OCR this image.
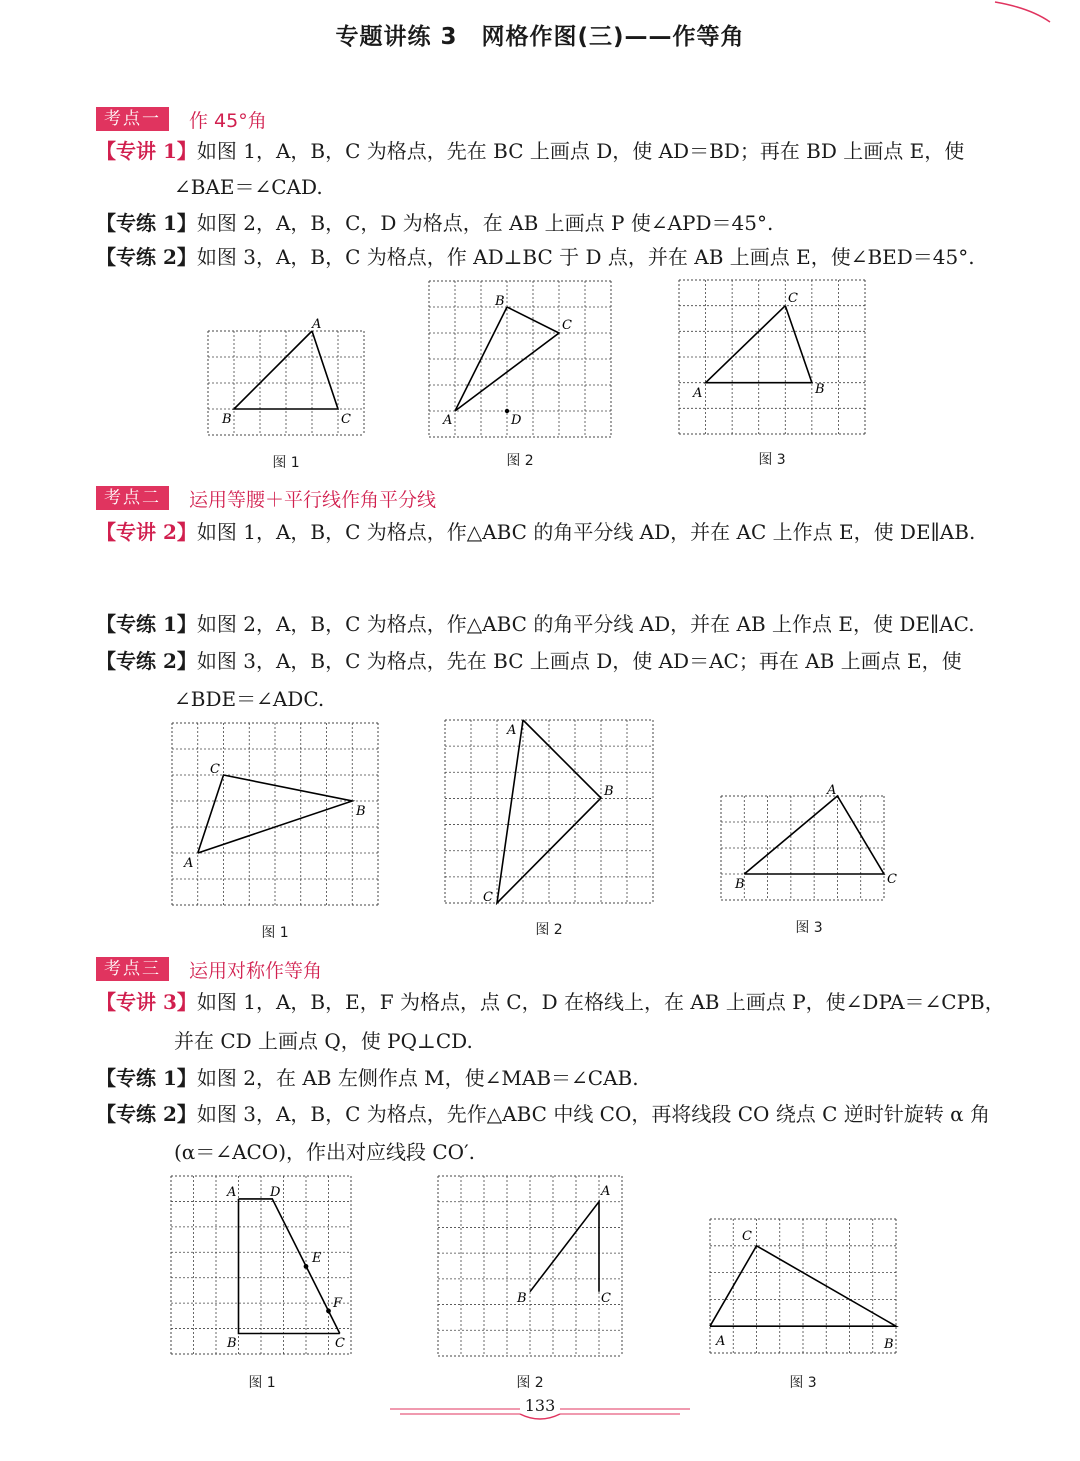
专题讲练 3　网格作图(三)——作等角
考点一	作 45°角
【专讲 1】如图 1，A，B，C 为格点，先在 BC 上画点 D，使 AD＝BD；再在 BD 上画点 E，使
∠BAE＝∠CAD.
【专练 1】如图 2，A，B，C，D 为格点，在 AB 上画点 P 使∠APD＝45°.
【专练 2】如图 3，A，B，C 为格点，作 AD⊥BC 于 D 点，并在 AB 上画点 E，使∠BED＝45°.
A
B	C
图 1
B
C
A	D
图 2
C
A	B
图 3
考点二	运用等腰＋平行线作角平分线
【专讲 2】如图 1，A，B，C 为格点，作△ABC 的角平分线 AD，并在 AC 上作点 E，使 DE∥AB.
【专练 1】如图 2，A，B，C 为格点，作△ABC 的角平分线 AD，并在 AB 上作点 E，使 DE∥AC.
【专练 2】如图 3，A，B，C 为格点，先在 BC 上画点 D，使 AD＝AC；再在 AB 上画点 E，使
∠BDE＝∠ADC.
C
B
A
图 1
A
B
C
图 2
A
B	C
图 3
考点三	运用对称作等角
【专讲 3】如图 1，A，B，E，F 为格点，点 C，D 在格线上，在 AB 上画点 P，使∠DPA＝∠CPB，
并在 CD 上画点 Q，使 PQ⊥CD.
【专练 1】如图 2，在 AB 左侧作点 M，使∠MAB＝∠CAB.
【专练 2】如图 3，A，B，C 为格点，先作△ABC 中线 CO，再将线段 CO 绕点 C 逆时针旋转 α 角
(α＝∠ACO)，作出对应线段 CO′.
A	D
E
F
B	C
图 1
A
B	C
图 2
C
A	B
图 3
133
